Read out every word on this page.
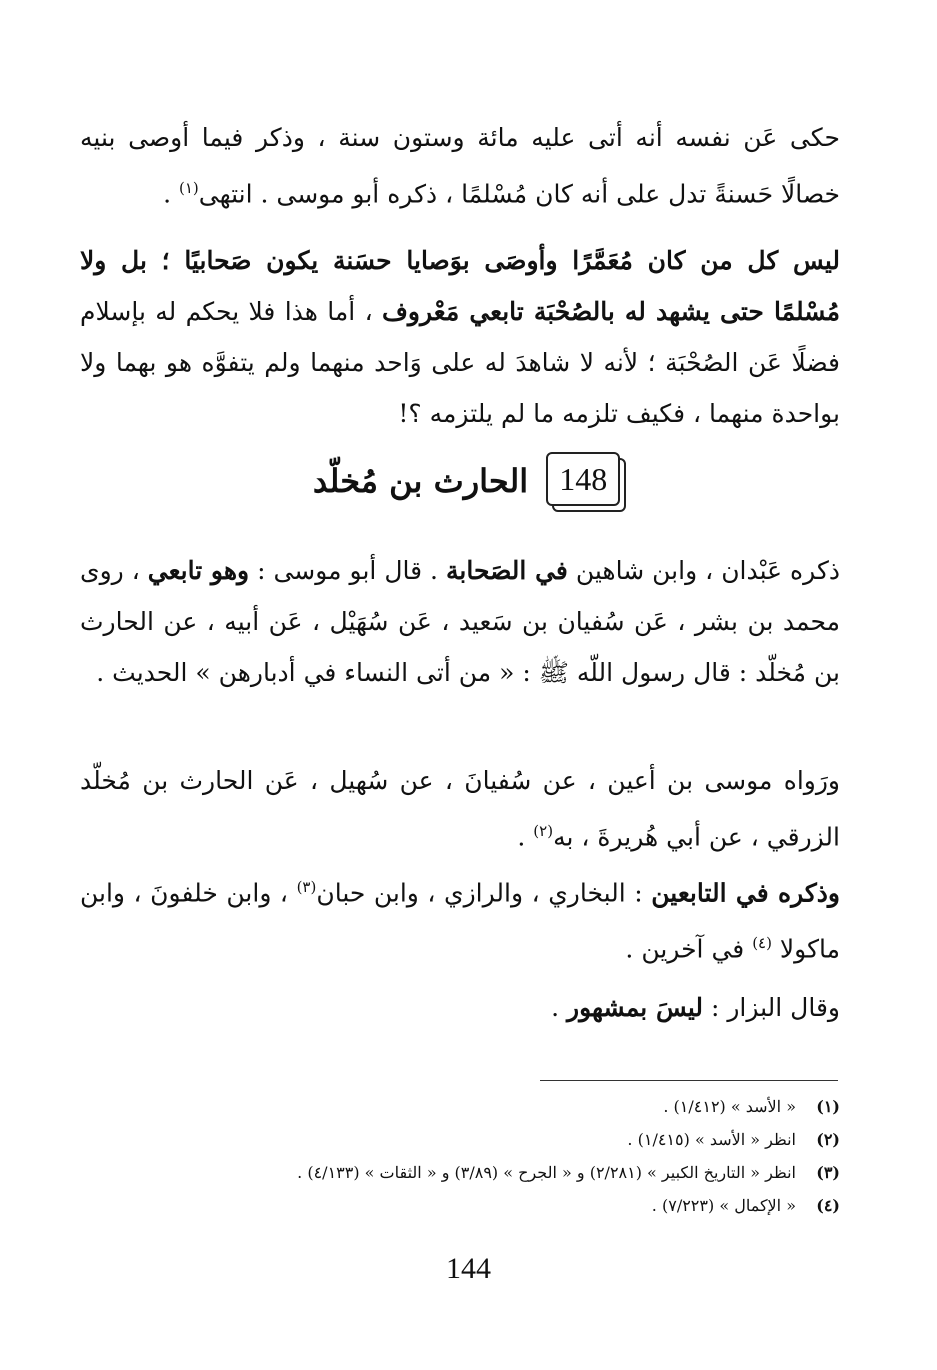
حكى عَن نفسه أنه أتى عليه مائة وستون سنة ، وذكر فيما أوصى بنيه خصالًا حَسنةً تدل على أنه كان مُسْلمًا ، ذكره أبو موسى . انتهى$^{(١)}$ .
ليس كل من كان مُعَمَّرًا وأوصَى بوَصايا حسَنة يكون صَحابيًا ؛ بل ولا مُسْلمًا حتى يشهد له بالصُحْبَة تابعي مَعْروف ، أما هذا فلا يحكم له بإسلام فضلًا عَن الصُحْبَة ؛ لأنه لا شاهدَ له على وَاحد منهما ولم يتفوَّه هو بهما ولا بواحدة منهما ، فكيف تلزمه ما لم يلتزمه ؟!
148
الحارث بن مُخلّد
ذكره عَبْدان ، وابن شاهين في الصَحابة . قال أبو موسى : وهو تابعي ، روى محمد بن بشر ، عَن سُفيان بن سَعيد ، عَن سُهَيْل ، عَن أبيه ، عن الحارث بن مُخلّد : قال رسول اللّه ﷺ : « من أتى النساء في أدبارهن » الحديث .
ورَواه موسى بن أعين ، عن سُفيانَ ، عن سُهيل ، عَن الحارث بن مُخلّد الزرقي ، عن أبي هُريرةَ ، به$^{(٢)}$ .
وذكره في التابعين : البخاري ، والرازي ، وابن حبان$^{(٣)}$ ، وابن خلفونَ ، وابن ماكولا $^{(٤)}$ في آخرين .
وقال البزار : ليسَ بمشهور .
(١)
« الأسد » (١/٤١٢) .
(٢)
انظر « الأسد » (١/٤١٥) .
(٣)
انظر « التاريخ الكبير » (٢/٢٨١) و « الجرح » (٣/٨٩) و « الثقات » (٤/١٣٣) .
(٤)
« الإكمال » (٧/٢٢٣) .
144
